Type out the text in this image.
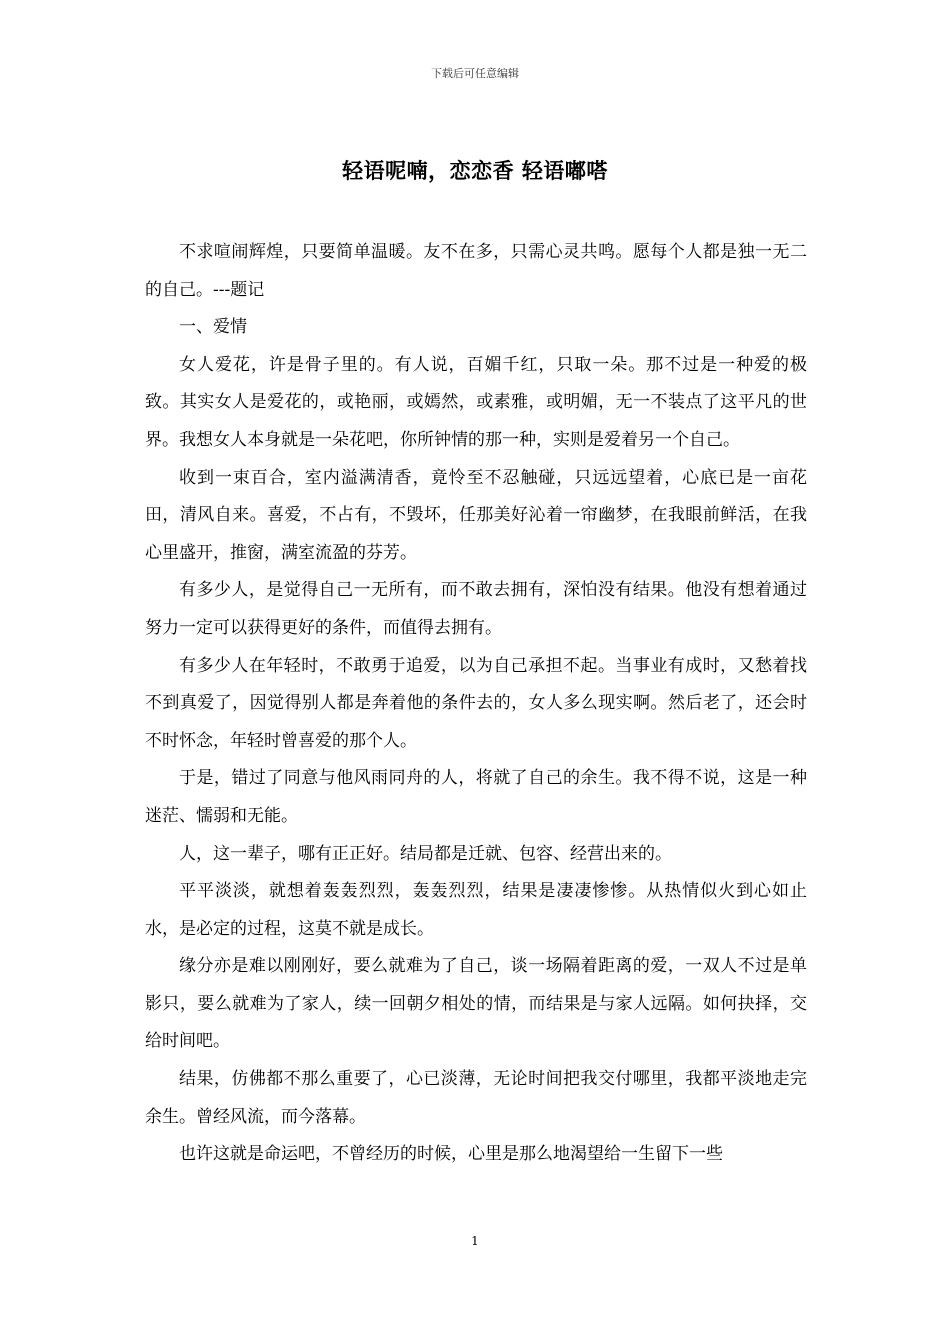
下载后可任意编辑
轻语呢喃，恋恋香 轻语嘟嗒

不求喧闹辉煌，只要简单温暖。友不在多，只需心灵共鸣。愿每个人都是独一无二的自己。---题记

一、爱情

女人爱花，许是骨子里的。有人说，百媚千红，只取一朵。那不过是一种爱的极致。其实女人是爱花的，或艳丽，或嫣然，或素雅，或明媚，无一不装点了这平凡的世界。我想女人本身就是一朵花吧，你所钟情的那一种，实则是爱着另一个自己。

收到一束百合，室内溢满清香，竟怜至不忍触碰，只远远望着，心底已是一亩花田，清风自来。喜爱，不占有，不毁坏，任那美好沁着一帘幽梦，在我眼前鲜活，在我心里盛开，推窗，满室流盈的芬芳。

有多少人，是觉得自己一无所有，而不敢去拥有，深怕没有结果。他没有想着通过努力一定可以获得更好的条件，而值得去拥有。

有多少人在年轻时，不敢勇于追爱，以为自己承担不起。当事业有成时，又愁着找不到真爱了，因觉得别人都是奔着他的条件去的，女人多么现实啊。然后老了，还会时不时怀念，年轻时曾喜爱的那个人。

于是，错过了同意与他风雨同舟的人，将就了自己的余生。我不得不说，这是一种迷茫、懦弱和无能。

人，这一辈子，哪有正正好。结局都是迁就、包容、经营出来的。

平平淡淡，就想着轰轰烈烈，轰轰烈烈，结果是凄凄惨惨。从热情似火到心如止水，是必定的过程，这莫不就是成长。

缘分亦是难以刚刚好，要么就难为了自己，谈一场隔着距离的爱，一双人不过是单影只，要么就难为了家人，续一回朝夕相处的情，而结果是与家人远隔。如何抉择，交给时间吧。

结果，仿佛都不那么重要了，心已淡薄，无论时间把我交付哪里，我都平淡地走完余生。曾经风流，而今落幕。

也许这就是命运吧，不曾经历的时候，心里是那么地渴望给一生留下一些

1
